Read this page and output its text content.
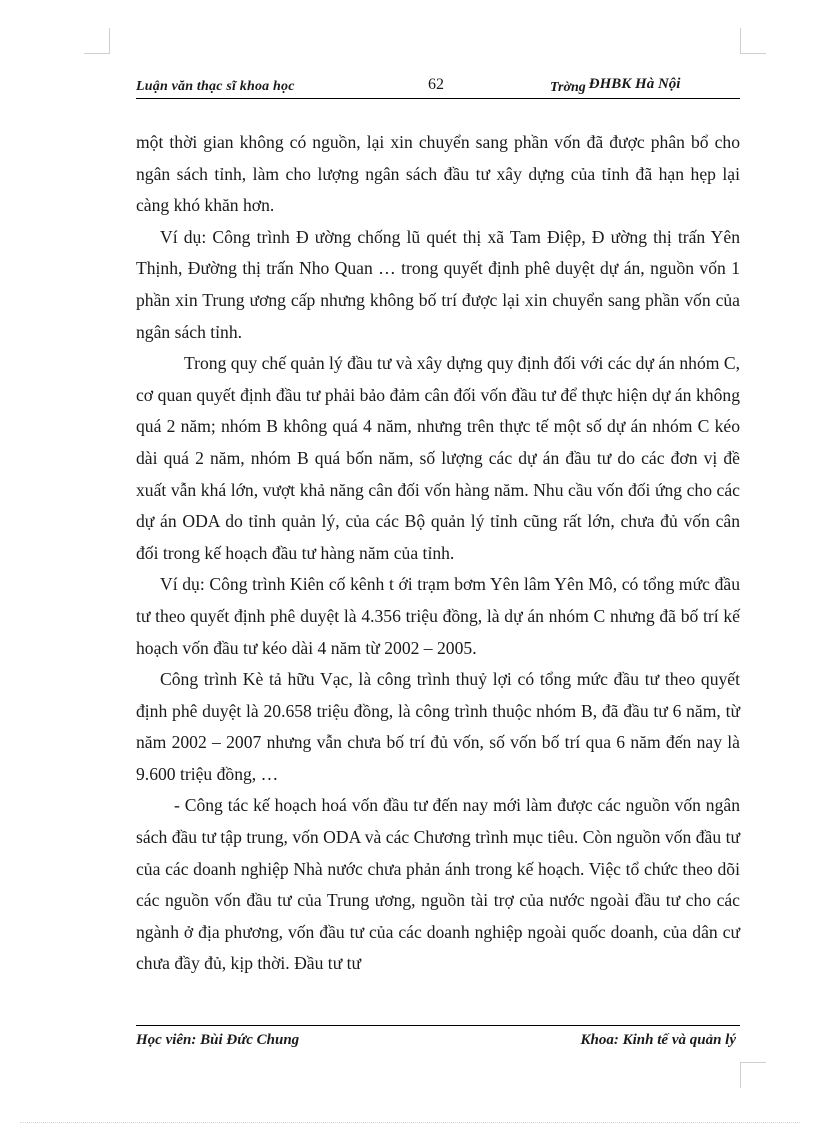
Luận văn thạc sĩ khoa học	62	Trờng ĐHBK Hà Nội

một thời gian không có nguồn, lại xin chuyển sang phần vốn đã được phân bổ cho ngân sách tỉnh, làm cho lượng ngân sách đầu tư xây dựng của tỉnh đã hạn hẹp lại càng khó khăn hơn.

Ví dụ: Công trình Đ ường chống lũ quét thị xã Tam Điệp, Đ ường thị trấn Yên Thịnh, Đường thị trấn Nho Quan … trong quyết định phê duyệt dự án, nguồn vốn 1 phần xin Trung ương cấp nhưng không bố trí được lại xin chuyển sang phần vốn của ngân sách tỉnh.

Trong quy chế quản lý đầu tư và xây dựng quy định đối với các dự án nhóm C, cơ quan quyết định đầu tư phải bảo đảm cân đối vốn đầu tư để thực hiện dự án không quá 2 năm; nhóm B không quá 4 năm, nhưng trên thực tế một số dự án nhóm C kéo dài quá 2 năm, nhóm B quá bốn năm, số lượng các dự án đầu tư do các đơn vị đề xuất vẫn khá lớn, vượt khả năng cân đối vốn hàng năm. Nhu cầu vốn đối ứng cho các dự án ODA do tỉnh quản lý, của các Bộ quản lý tỉnh cũng rất lớn, chưa đủ vốn cân đối trong kế hoạch đầu tư hàng năm của tỉnh.

Ví dụ: Công trình Kiên cố kênh t ới trạm bơm Yên lâm Yên Mô, có tổng mức đầu tư theo quyết định phê duyệt là 4.356 triệu đồng, là dự án nhóm C nhưng đã bố trí kế hoạch vốn đầu tư kéo dài 4 năm từ 2002 – 2005.

Công trình Kè tả hữu Vạc, là công trình thuỷ lợi có tổng mức đầu tư theo quyết định phê duyệt là 20.658 triệu đồng, là công trình thuộc nhóm B, đã đầu tư 6 năm, từ năm 2002 – 2007 nhưng vẫn chưa bố trí đủ vốn, số vốn bố trí qua 6 năm đến nay là 9.600 triệu đồng, …

- Công tác kế hoạch hoá vốn đầu tư đến nay mới làm được các nguồn vốn ngân sách đầu tư tập trung, vốn ODA và các Chương trình mục tiêu. Còn nguồn vốn đầu tư của các doanh nghiệp Nhà nước chưa phản ánh trong kế hoạch. Việc tổ chức theo dõi các nguồn vốn đầu tư của Trung ương, nguồn tài trợ của nước ngoài đầu tư cho các ngành ở địa phương, vốn đầu tư của các doanh nghiệp ngoài quốc doanh, của dân cư chưa đầy đủ, kịp thời. Đầu tư tư

Học viên: Bùi Đức Chung	Khoa: Kinh tế và quản lý
